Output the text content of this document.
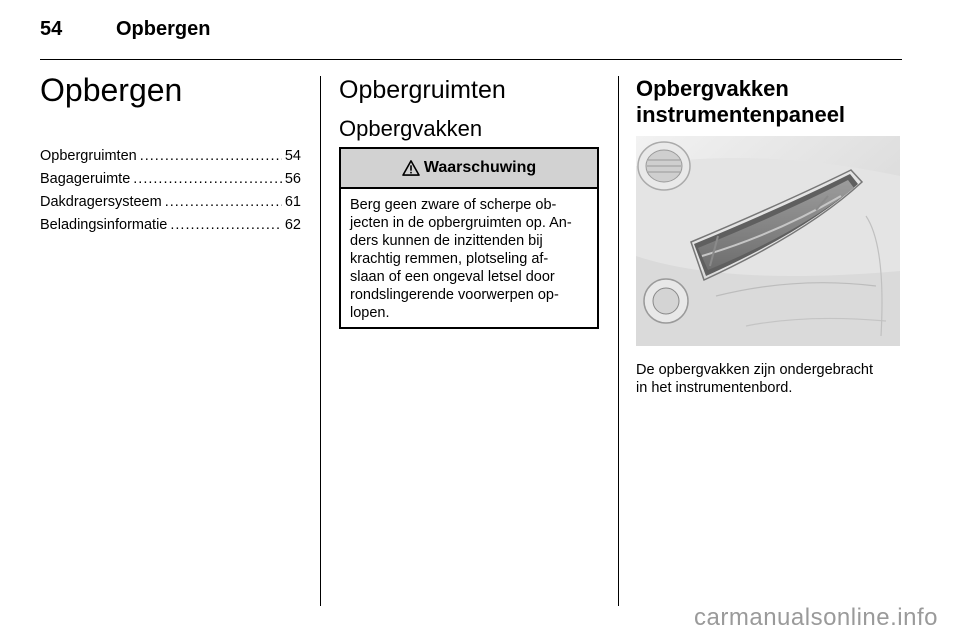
54	Opbergen
Opbergen
Opbergruimten .....	54
Bagageruimte .....	56
Dakdragersysteem .....	61
Beladingsinformatie .....	62
Opbergruimten
Opbergvakken
Waarschuwing
Berg geen zware of scherpe ob-
jecten in de opbergruimten op. An-
ders kunnen de inzittenden bij
krachtig remmen, plotseling af-
slaan of een ongeval letsel door
rondslingerende voorwerpen op-
lopen.
Opbergvakken
instrumentenpaneel
De opbergvakken zijn ondergebracht
in het instrumentenbord.
carmanualsonline.info
